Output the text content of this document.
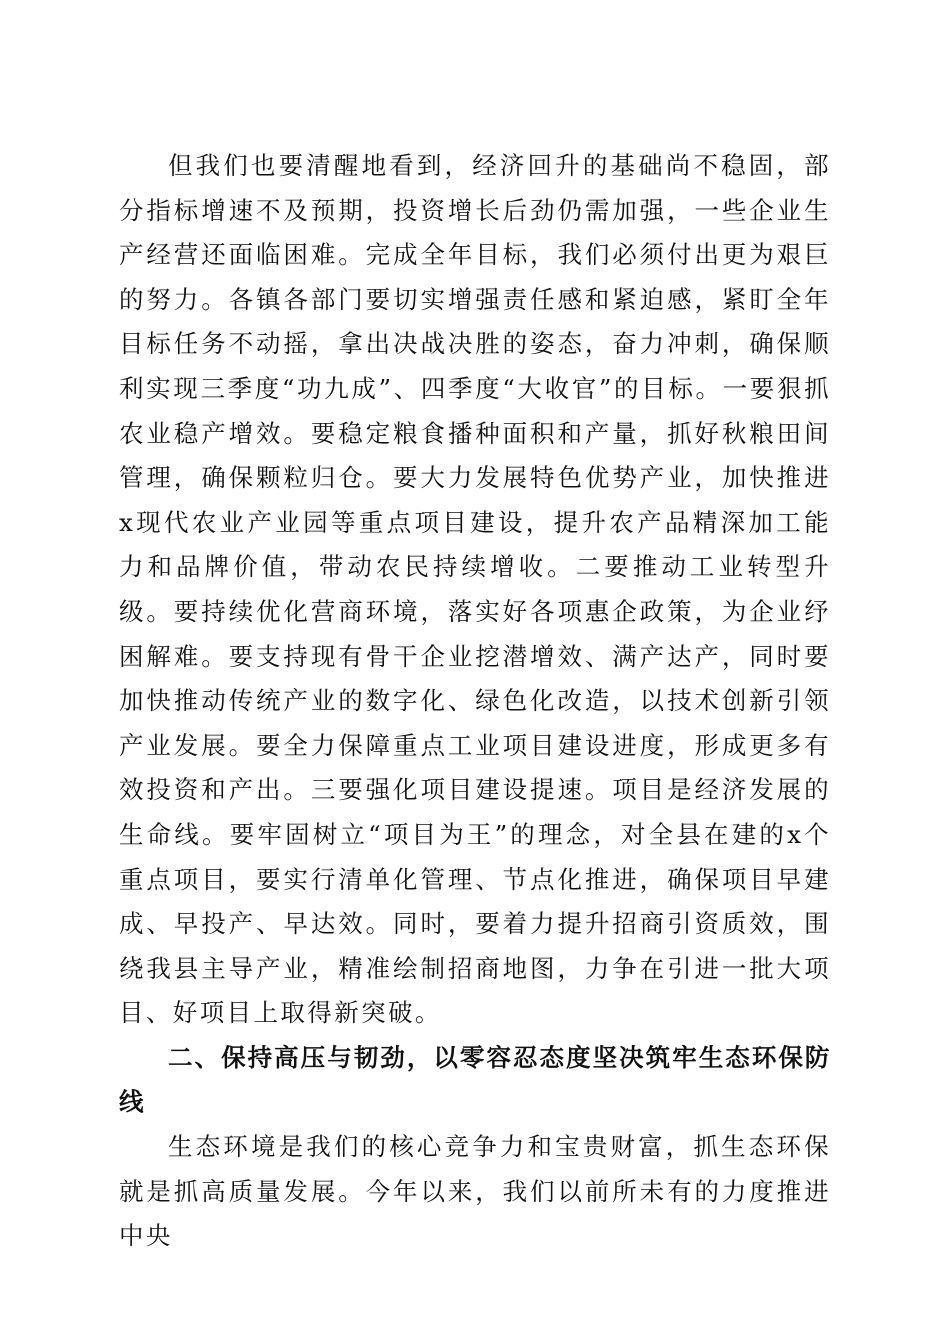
但我们也要清醒地看到，经济回升的基础尚不稳固，部分指标增速不及预期，投资增长后劲仍需加强，一些企业生产经营还面临困难。完成全年目标，我们必须付出更为艰巨的努力。各镇各部门要切实增强责任感和紧迫感，紧盯全年目标任务不动摇，拿出决战决胜的姿态，奋力冲刺，确保顺利实现三季度“功九成”、四季度“大收官”的目标。一要狠抓农业稳产增效。要稳定粮食播种面积和产量，抓好秋粮田间管理，确保颗粒归仓。要大力发展特色优势产业，加快推进x现代农业产业园等重点项目建设，提升农产品精深加工能力和品牌价值，带动农民持续增收。二要推动工业转型升级。要持续优化营商环境，落实好各项惠企政策，为企业纾困解难。要支持现有骨干企业挖潜增效、满产达产，同时要加快推动传统产业的数字化、绿色化改造，以技术创新引领产业发展。要全力保障重点工业项目建设进度，形成更多有效投资和产出。三要强化项目建设提速。项目是经济发展的生命线。要牢固树立“项目为王”的理念，对全县在建的x个重点项目，要实行清单化管理、节点化推进，确保项目早建成、早投产、早达效。同时，要着力提升招商引资质效，围绕我县主导产业，精准绘制招商地图，力争在引进一批大项目、好项目上取得新突破。

二、保持高压与韧劲，以零容忍态度坚决筑牢生态环保防线

生态环境是我们的核心竞争力和宝贵财富，抓生态环保就是抓高质量发展。今年以来，我们以前所未有的力度推进中央
